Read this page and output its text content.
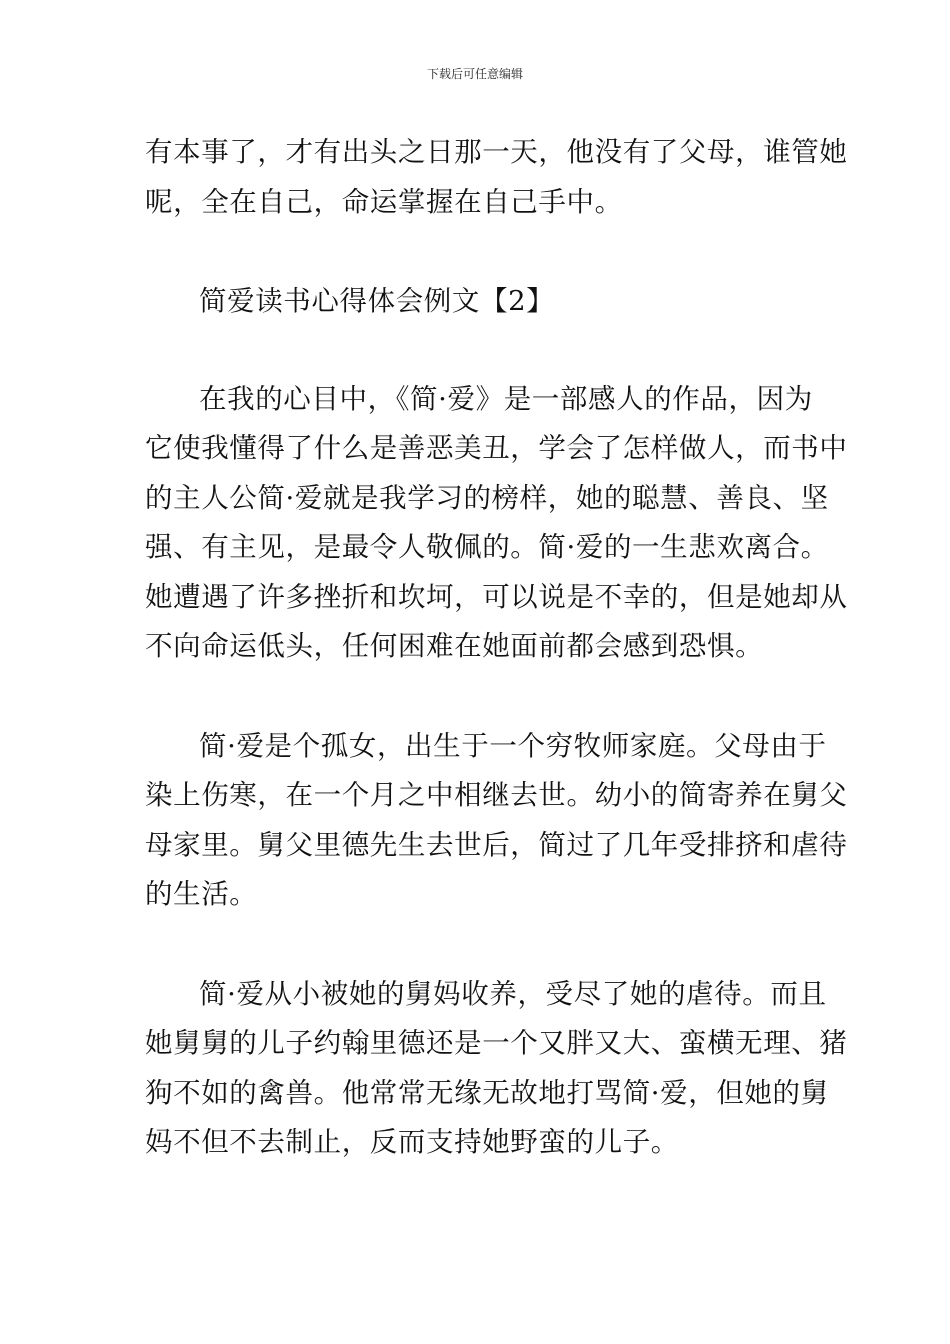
下载后可任意编辑
有本事了，才有出头之日那一天，他没有了父母，谁管她
呢，全在自己，命运掌握在自己手中。
简爱读书心得体会例文【2】
在我的心目中，《简·爱》是一部感人的作品，因为
它使我懂得了什么是善恶美丑，学会了怎样做人，而书中
的主人公简·爱就是我学习的榜样，她的聪慧、善良、坚
强、有主见，是最令人敬佩的。简·爱的一生悲欢离合。
她遭遇了许多挫折和坎坷，可以说是不幸的，但是她却从
不向命运低头，任何困难在她面前都会感到恐惧。
简·爱是个孤女，出生于一个穷牧师家庭。父母由于
染上伤寒，在一个月之中相继去世。幼小的简寄养在舅父
母家里。舅父里德先生去世后，简过了几年受排挤和虐待
的生活。
简·爱从小被她的舅妈收养，受尽了她的虐待。而且
她舅舅的儿子约翰里德还是一个又胖又大、蛮横无理、猪
狗不如的禽兽。他常常无缘无故地打骂简·爱，但她的舅
妈不但不去制止，反而支持她野蛮的儿子。
